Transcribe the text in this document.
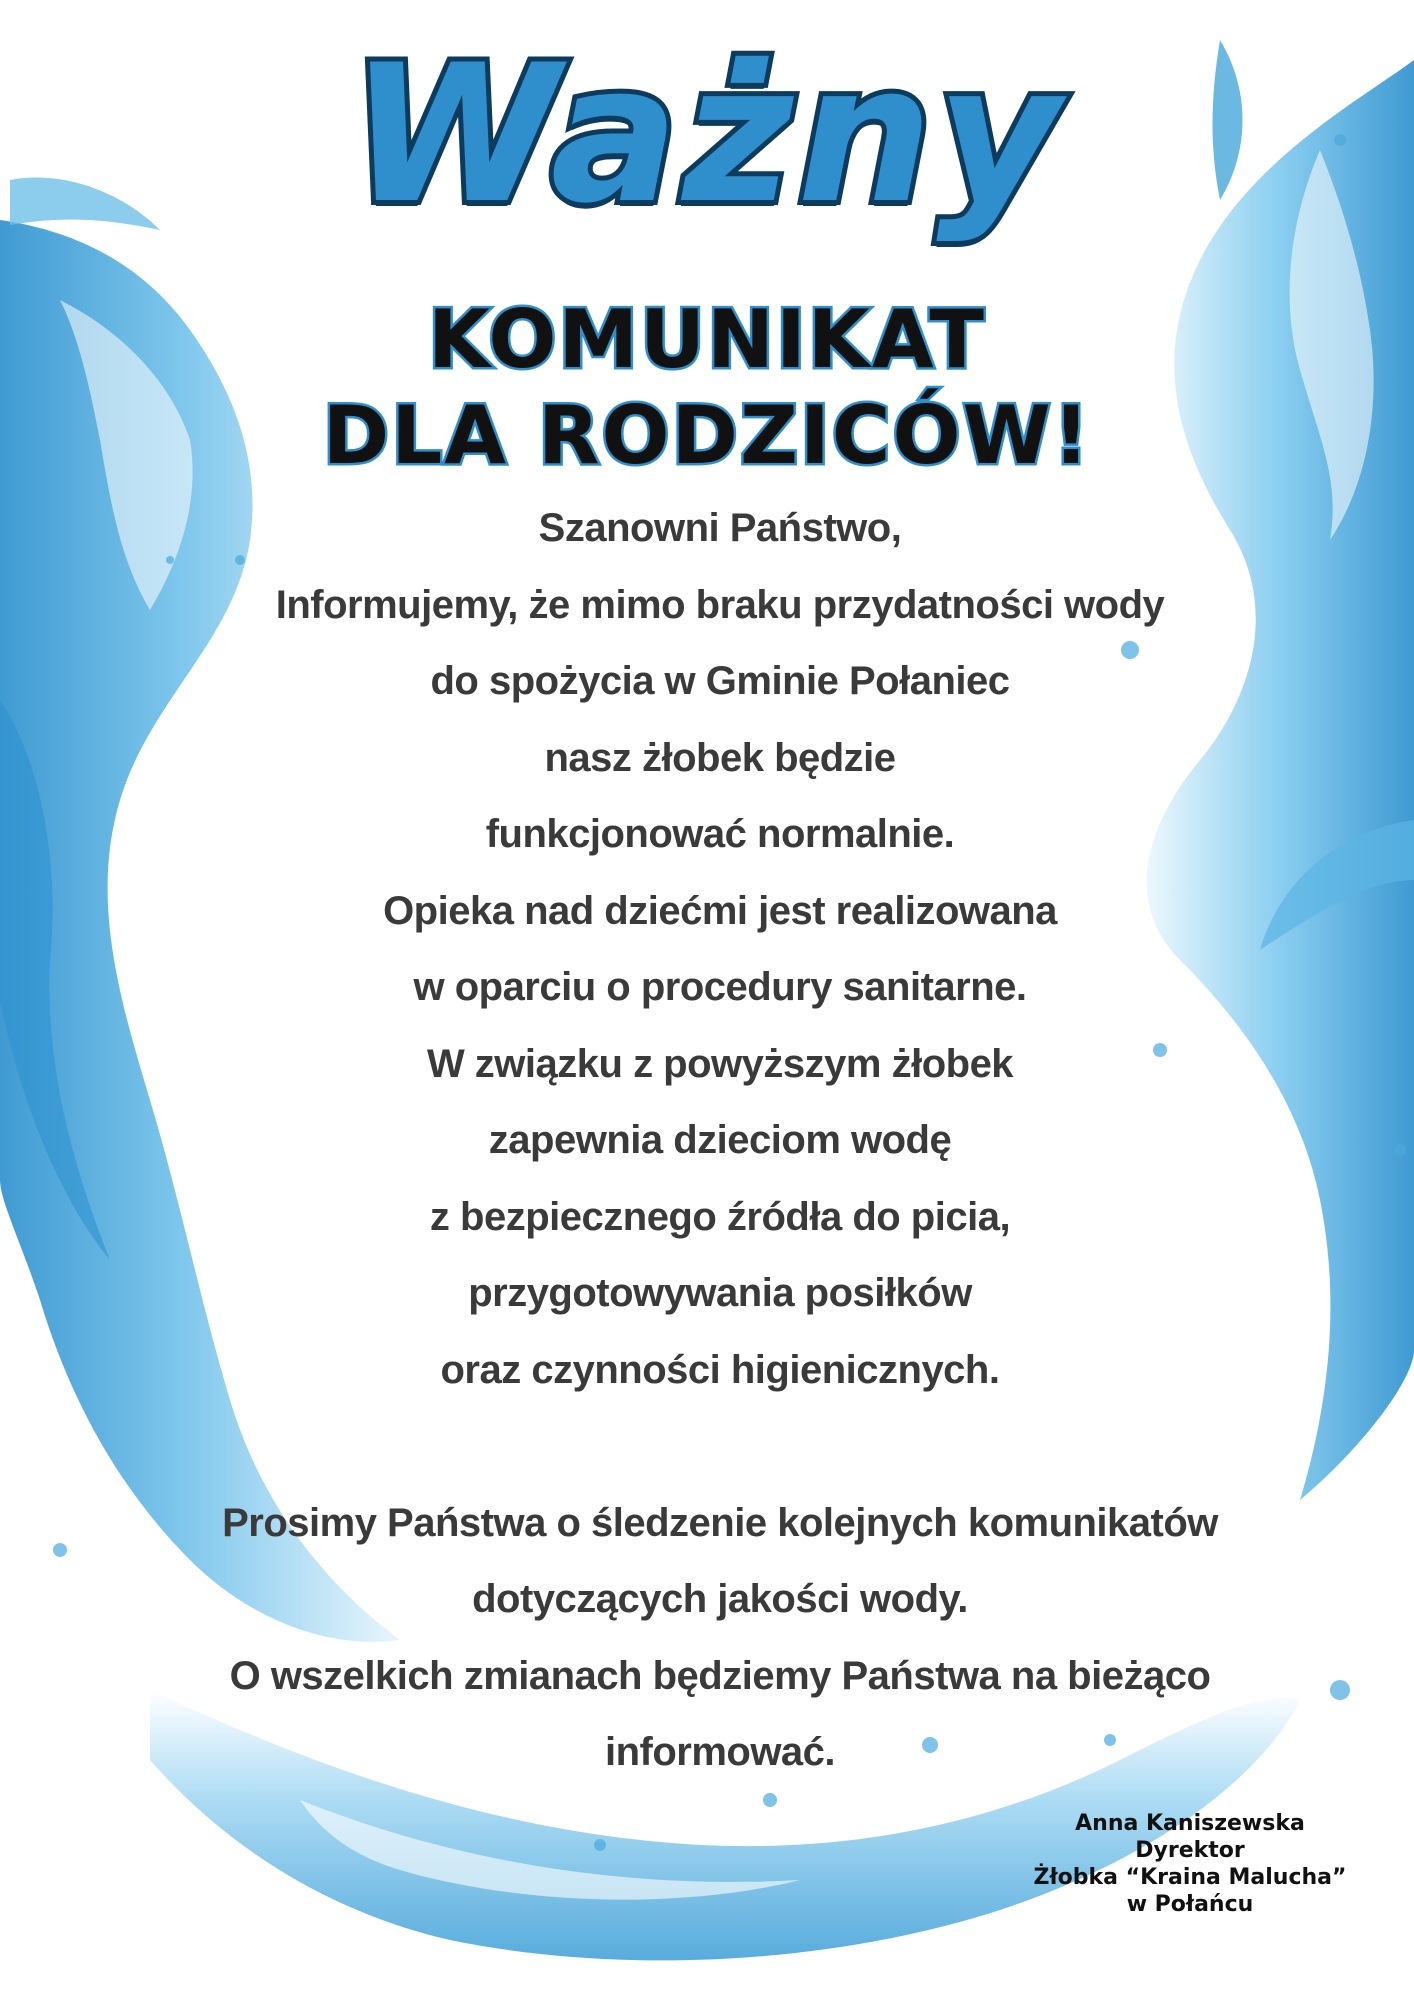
Ważny
KOMUNIKAT
DLA RODZICÓW!
Szanowni Państwo,
Informujemy, że mimo braku przydatności wody
do spożycia w Gminie Połaniec
nasz żłobek będzie
funkcjonować normalnie.
Opieka nad dziećmi jest realizowana
w oparciu o procedury sanitarne.
W związku z powyższym żłobek
zapewnia dzieciom wodę
z bezpiecznego źródła do picia,
przygotowywania posiłków
oraz czynności higienicznych.
Prosimy Państwa o śledzenie kolejnych komunikatów
dotyczących jakości wody.
O wszelkich zmianach będziemy Państwa na bieżąco
informować.
Anna Kaniszewska
Dyrektor
Żłobka “Kraina Malucha”
w Połańcu
